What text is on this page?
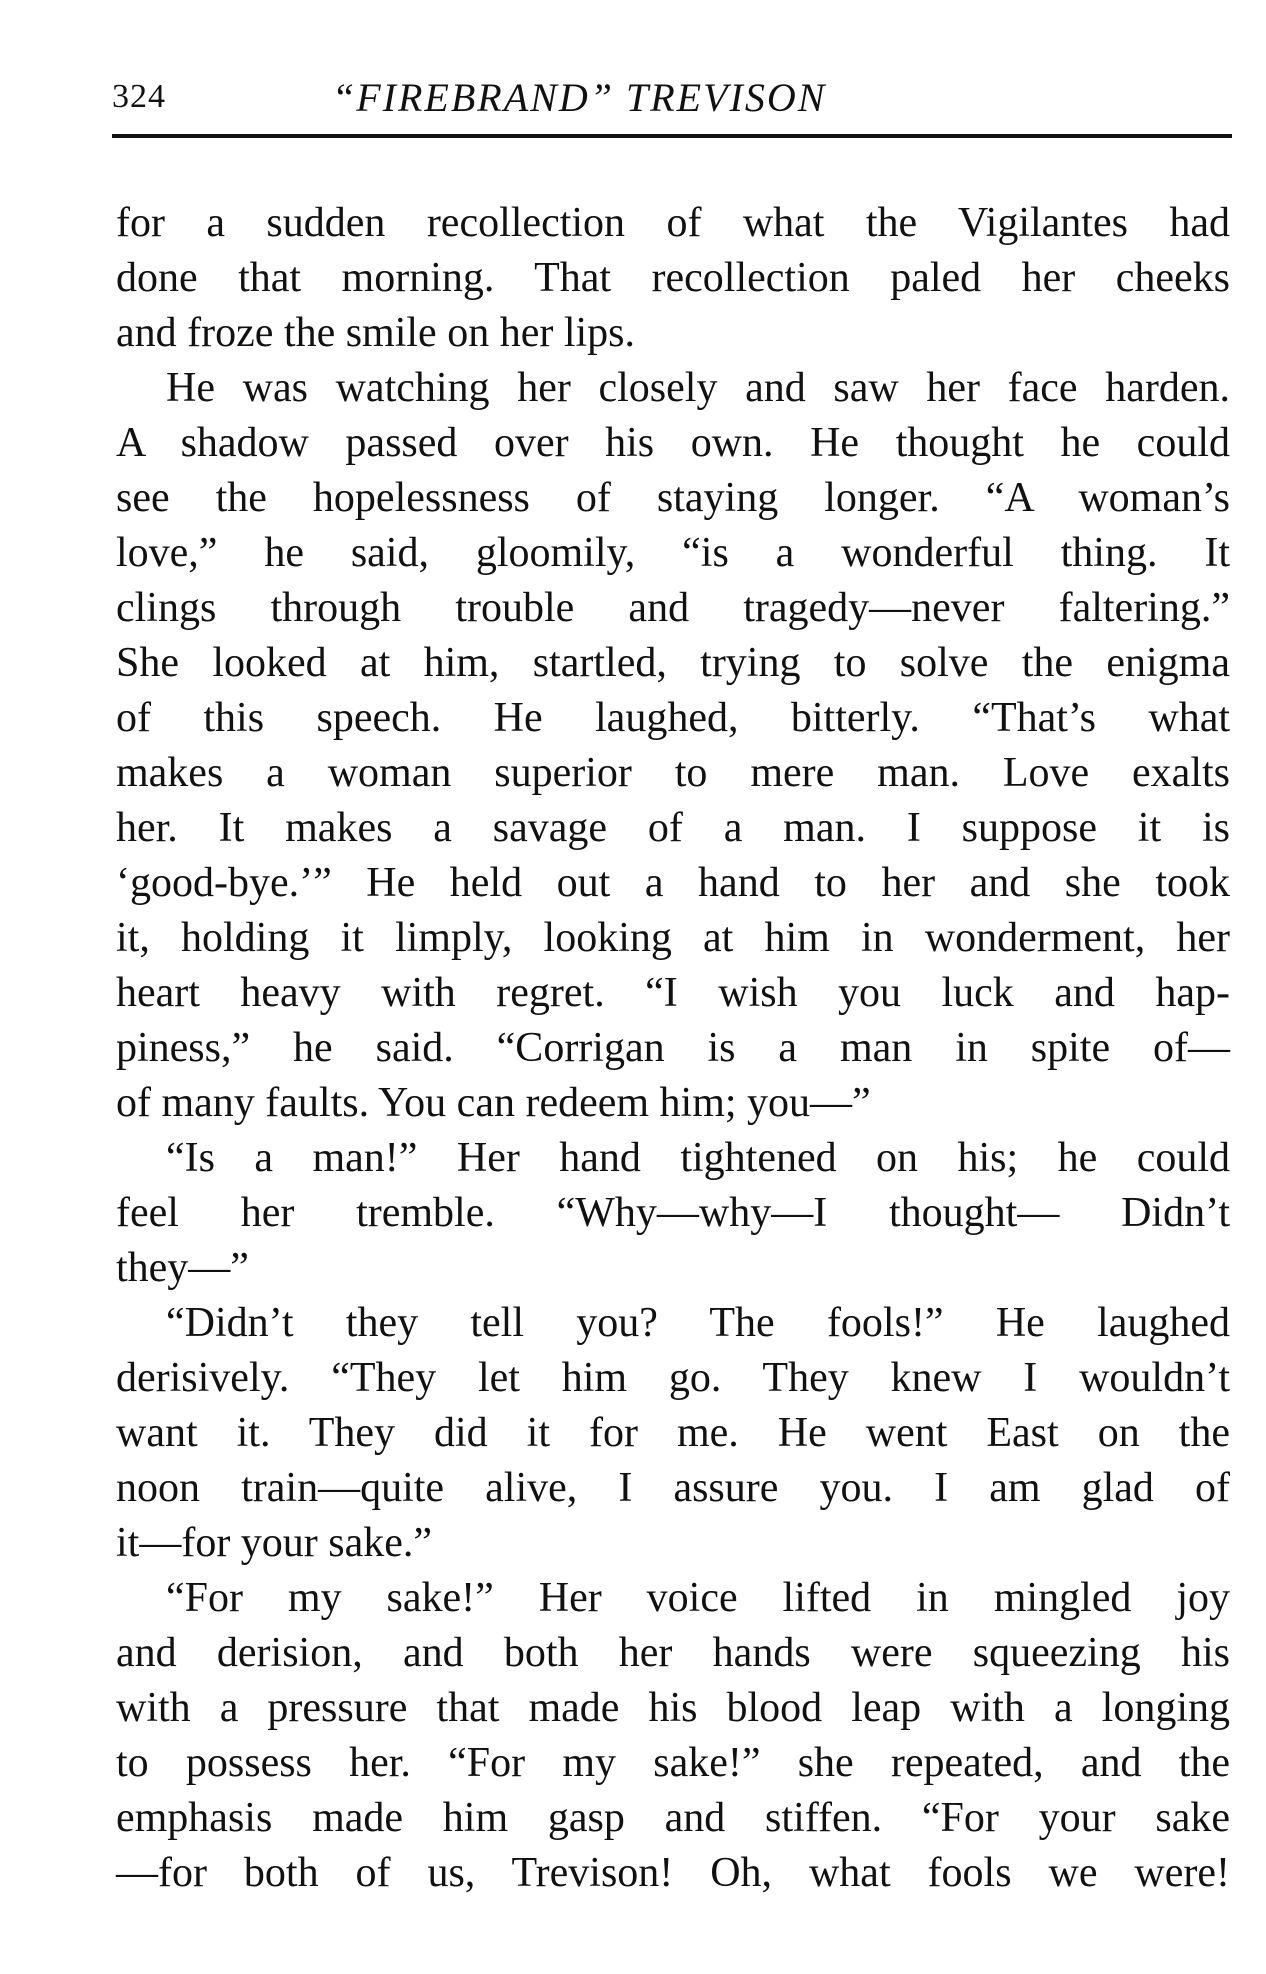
324	“FIREBRAND” TREVISON
for a sudden recollection of what the Vigilantes had
done that morning. That recollection paled her cheeks
and froze the smile on her lips.
He was watching her closely and saw her face harden.
A shadow passed over his own. He thought he could
see the hopelessness of staying longer. “A woman’s
love,” he said, gloomily, “is a wonderful thing. It
clings through trouble and tragedy—never faltering.”
She looked at him, startled, trying to solve the enigma
of this speech. He laughed, bitterly. “That’s what
makes a woman superior to mere man. Love exalts
her. It makes a savage of a man. I suppose it is
‘good-bye.’” He held out a hand to her and she took
it, holding it limply, looking at him in wonderment, her
heart heavy with regret. “I wish you luck and hap-
piness,” he said. “Corrigan is a man in spite of—
of many faults. You can redeem him; you—”
“Is a man!” Her hand tightened on his; he could
feel her tremble. “Why—why—I thought— Didn’t
they—”
“Didn’t they tell you? The fools!” He laughed
derisively. “They let him go. They knew I wouldn’t
want it. They did it for me. He went East on the
noon train—quite alive, I assure you. I am glad of
it—for your sake.”
“For my sake!” Her voice lifted in mingled joy
and derision, and both her hands were squeezing his
with a pressure that made his blood leap with a longing
to possess her. “For my sake!” she repeated, and the
emphasis made him gasp and stiffen. “For your sake
—for both of us, Trevison! Oh, what fools we were!
